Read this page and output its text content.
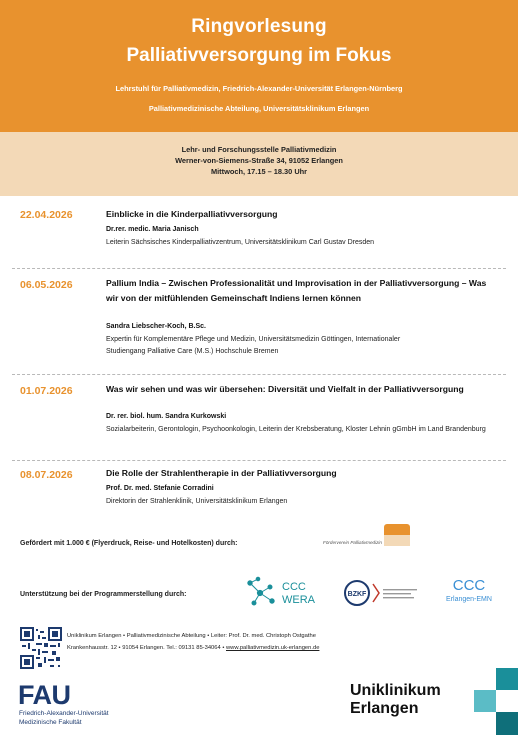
Ringvorlesung
Palliativversorgung im Fokus
Lehrstuhl für Palliativmedizin, Friedrich-Alexander-Universität Erlangen-Nürnberg
Palliativmedizinische Abteilung, Universitätsklinikum Erlangen
Lehr- und Forschungsstelle Palliativmedizin
Werner-von-Siemens-Straße 34, 91052 Erlangen
Mittwoch, 17.15 – 18.30 Uhr
22.04.2026	Einblicke in die Kinderpalliativversorgung
Dr.rer. medic. Maria Janisch
Leiterin Sächsisches Kinderpalliativzentrum, Universitätsklinikum Carl Gustav Dresden
06.05.2026	Pallium India – Zwischen Professionalität und Improvisation in der Palliativversorgung – Was wir von der mitfühlenden Gemeinschaft Indiens lernen können
Sandra Liebscher-Koch, B.Sc.
Expertin für Komplementäre Pflege und Medizin, Universitätsmedizin Göttingen, Internationaler Studiengang Palliative Care (M.S.) Hochschule Bremen
01.07.2026	Was wir sehen und was wir übersehen: Diversität und Vielfalt in der Palliativversorgung
Dr. rer. biol. hum. Sandra Kurkowski
Sozialarbeiterin, Gerontologin, Psychoonkologin, Leiterin der Krebsberatung, Kloster Lehnin gGmbH im Land Brandenburg
08.07.2026	Die Rolle der Strahlentherapie in der Palliativversorgung
Prof. Dr. med. Stefanie Corradini
Direktorin der Strahlenklinik, Universitätsklinikum Erlangen
Gefördert mit 1.000 € (Flyerdruck, Reise- und Hotelkosten) durch:	Förderverein Palliativmedizin
Unterstützung bei der Programmerstellung durch:
CCC
WERA	BZKF
CCC
Erlangen-EMN
Uniklinikum Erlangen • Palliativmedizinische Abteilung • Leiter: Prof. Dr. med. Christoph Ostgathe
Krankenhausstr. 12 • 91054 Erlangen. Tel.: 09131 85-34064 • www.palliativmedizin.uk-erlangen.de
FAU
Friedrich-Alexander-Universität
Medizinische Fakultät
Uniklinikum
Erlangen
